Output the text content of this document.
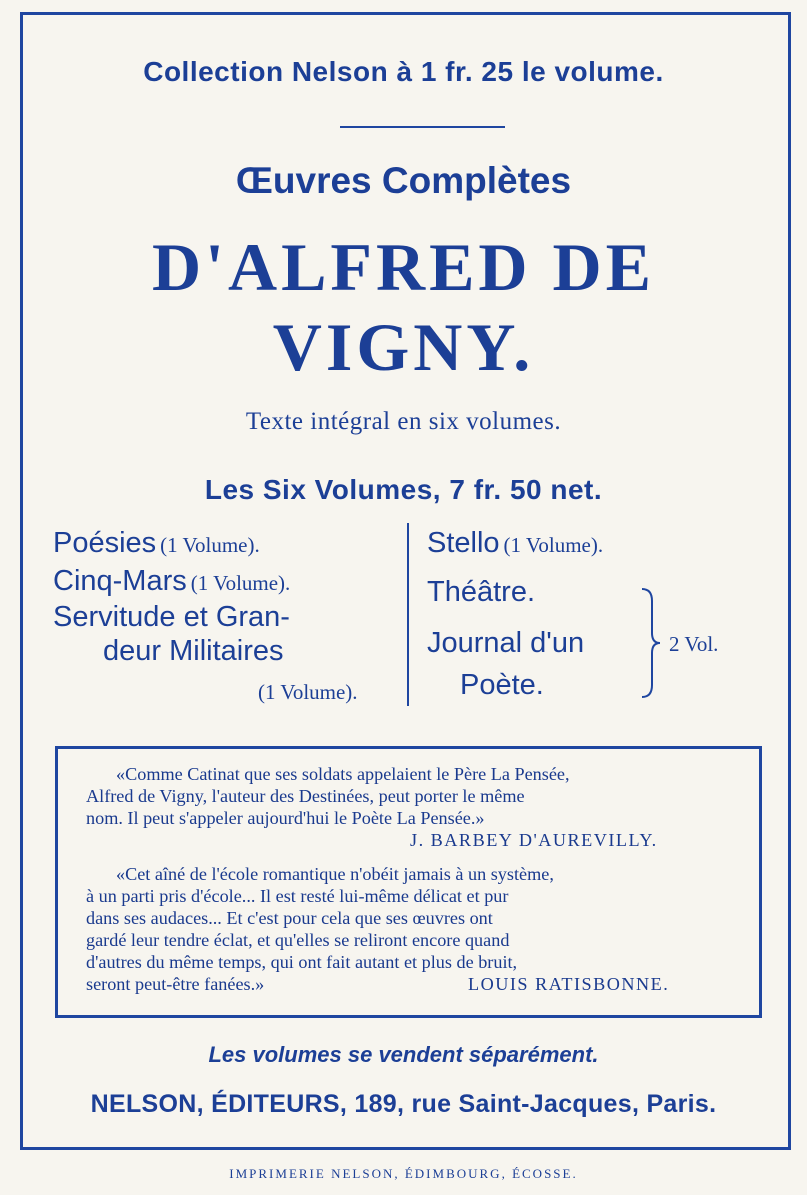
Collection Nelson à 1 fr. 25 le volume.
Œuvres Complètes
D'ALFRED DE
VIGNY.
Texte intégral en six volumes.
Les Six Volumes, 7 fr. 50 net.
Poésies (1 Volume).
Cinq-Mars (1 Volume).
Servitude et Gran-
deur Militaires
(1 Volume).
Stello (1 Volume).
Théâtre.
Journal d'un
Poète.
2 Vol.
«Comme Catinat que ses soldats appelaient le Père La Pensée,
Alfred de Vigny, l'auteur des Destinées, peut porter le même
nom. Il peut s'appeler aujourd'hui le Poète La Pensée.»
J. BARBEY D'AUREVILLY.
«Cet aîné de l'école romantique n'obéit jamais à un système,
à un parti pris d'école... Il est resté lui-même délicat et pur
dans ses audaces... Et c'est pour cela que ses œuvres ont
gardé leur tendre éclat, et qu'elles se reliront encore quand
d'autres du même temps, qui ont fait autant et plus de bruit,
seront peut-être fanées.»	LOUIS RATISBONNE.
Les volumes se vendent séparément.
NELSON, ÉDITEURS, 189, rue Saint-Jacques, Paris.
IMPRIMERIE NELSON, ÉDIMBOURG, ÉCOSSE.
